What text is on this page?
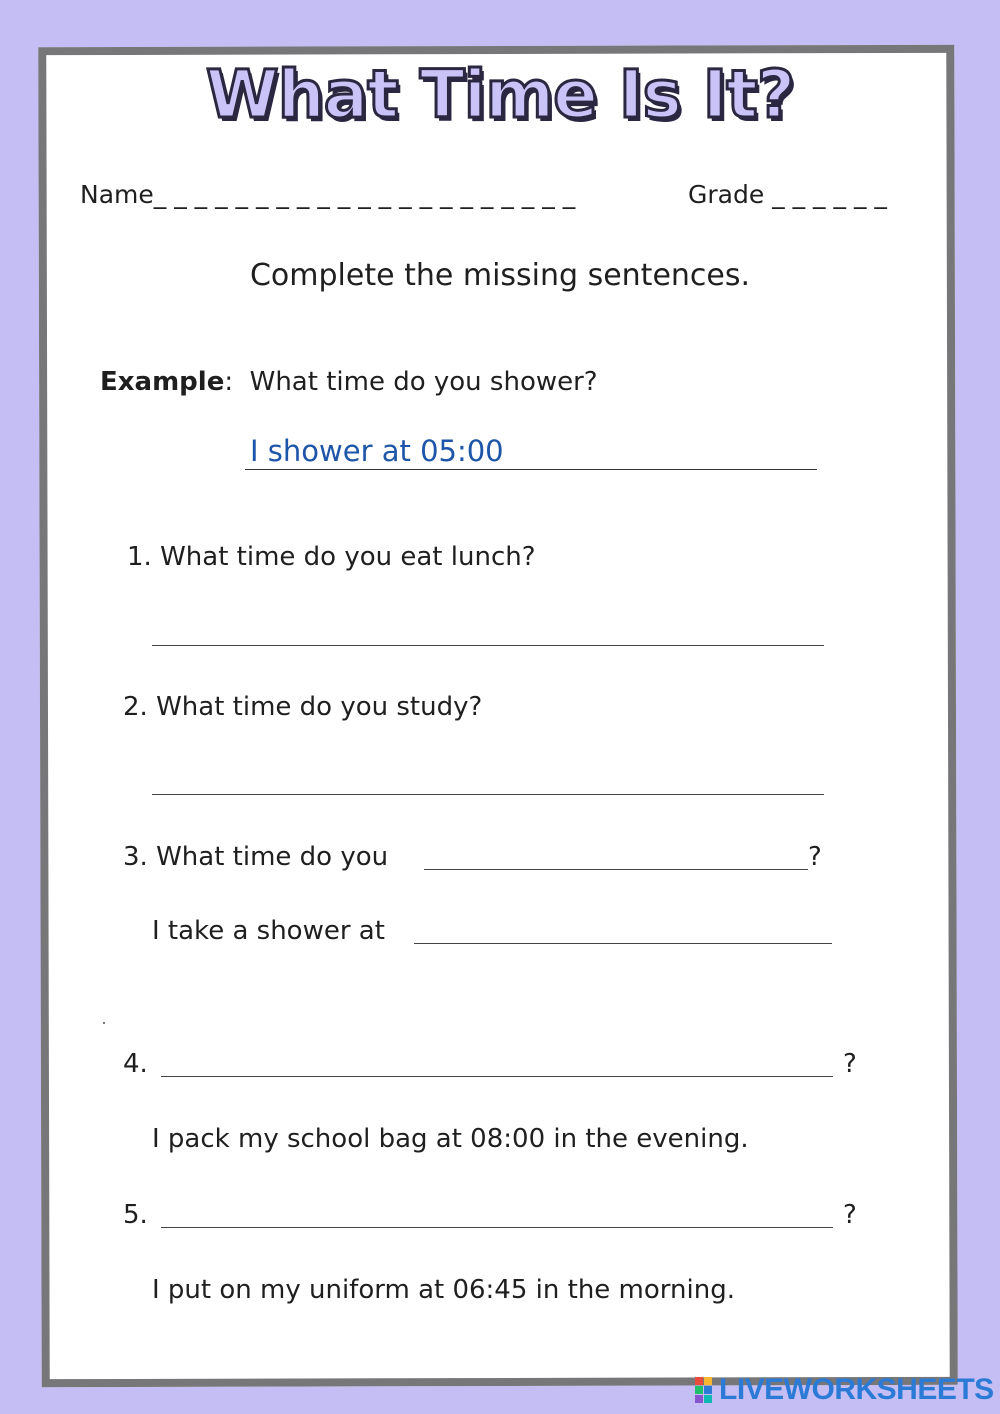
What Time Is It?
Name_ _ _ _ _ _ _ _ _ _ _ _ _ _ _ _ _ _ _ _ _	Grade _ _ _ _ _ _
Complete the missing sentences.
Example:  What time do you shower?
I shower at 05:00
1. What time do you eat lunch?
2. What time do you study?
3. What time do you	?
I take a shower at
4.	?
I pack my school bag at 08:00 in the evening.
5.	?
I put on my uniform at 06:45 in the morning.
LIVEWORKSHEETS
